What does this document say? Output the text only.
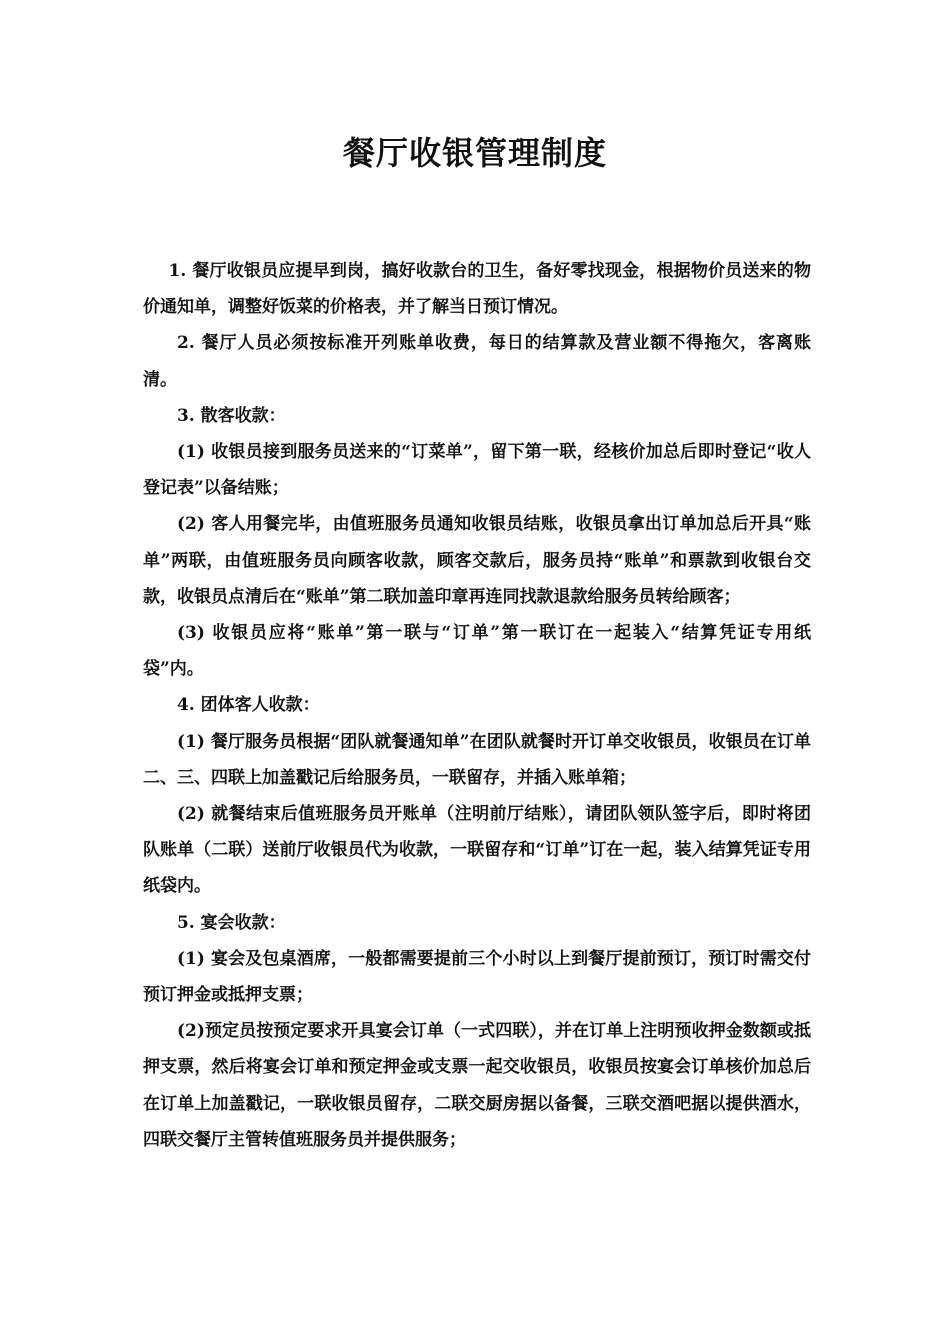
餐厅收银管理制度

1. 餐厅收银员应提早到岗，搞好收款台的卫生，备好零找现金，根据物价员送来的物价通知单，调整好饭菜的价格表，并了解当日预订情况。

2. 餐厅人员必须按标准开列账单收费，每日的结算款及营业额不得拖欠，客离账清。

3. 散客收款：

(1) 收银员接到服务员送来的“订菜单”，留下第一联，经核价加总后即时登记“收人登记表”以备结账；

(2) 客人用餐完毕，由值班服务员通知收银员结账，收银员拿出订单加总后开具“账单”两联，由值班服务员向顾客收款，顾客交款后，服务员持“账单”和票款到收银台交款，收银员点清后在“账单”第二联加盖印章再连同找款退款给服务员转给顾客；

(3) 收银员应将“账单”第一联与“订单”第一联订在一起装入“结算凭证专用纸袋”内。

4. 团体客人收款：

(1) 餐厅服务员根据“团队就餐通知单”在团队就餐时开订单交收银员，收银员在订单二、三、四联上加盖戳记后给服务员，一联留存，并插入账单箱；

(2) 就餐结束后值班服务员开账单（注明前厅结账），请团队领队签字后，即时将团队账单（二联）送前厅收银员代为收款，一联留存和“订单”订在一起，装入结算凭证专用纸袋内。

5. 宴会收款：

(1) 宴会及包桌酒席，一般都需要提前三个小时以上到餐厅提前预订，预订时需交付预订押金或抵押支票；

(2)预定员按预定要求开具宴会订单（一式四联），并在订单上注明预收押金数额或抵押支票，然后将宴会订单和预定押金或支票一起交收银员，收银员按宴会订单核价加总后在订单上加盖戳记，一联收银员留存，二联交厨房据以备餐，三联交酒吧据以提供酒水，四联交餐厅主管转值班服务员并提供服务；
